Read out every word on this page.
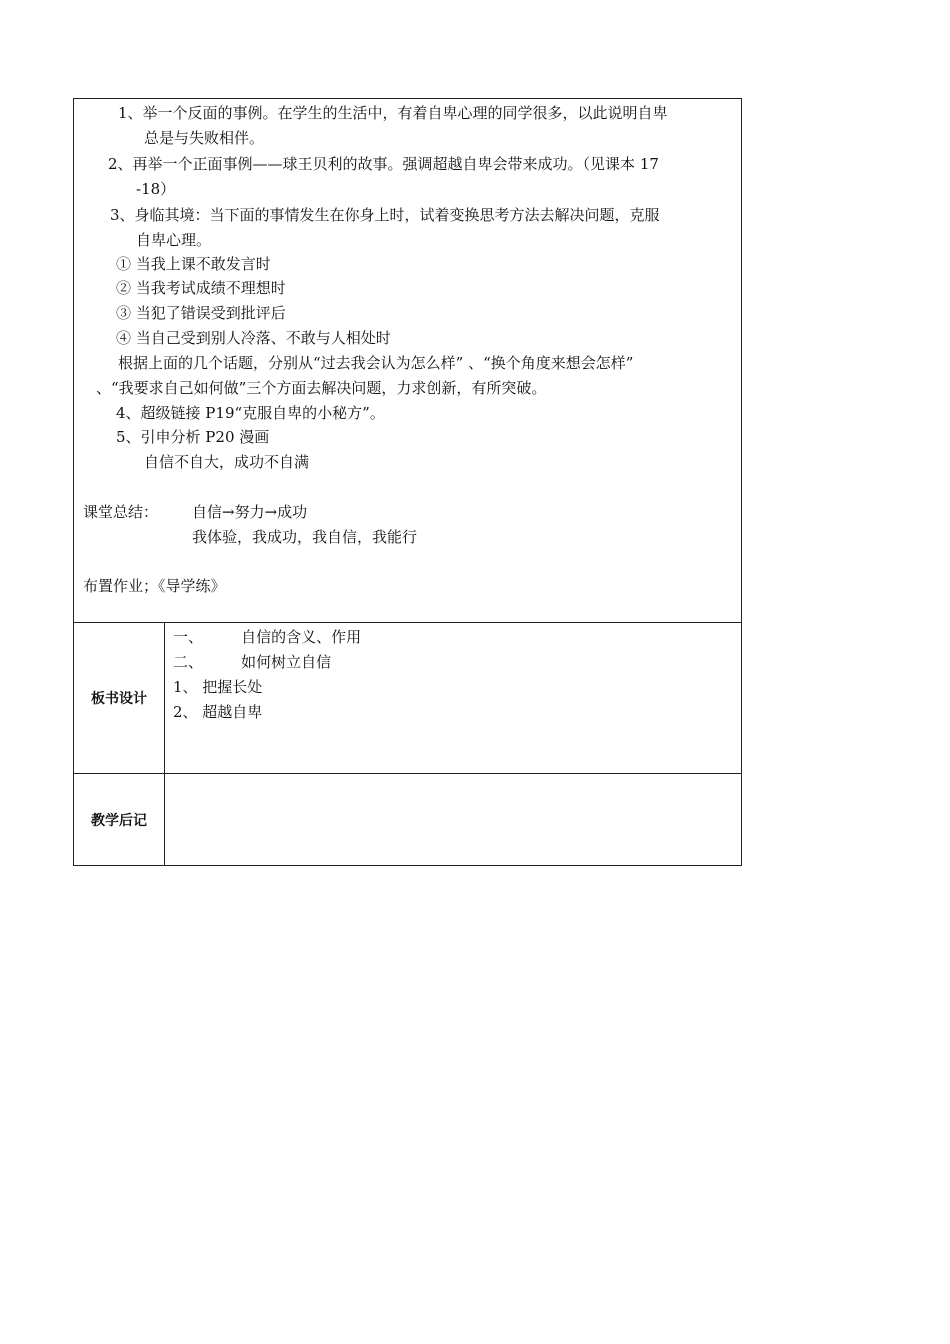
1、举一个反面的事例。在学生的生活中，有着自卑心理的同学很多，以此说明自卑
总是与失败相伴。
2、再举一个正面事例——球王贝利的故事。强调超越自卑会带来成功。（见课本 17
-18）
3、身临其境：当下面的事情发生在你身上时，试着变换思考方法去解决问题，克服
自卑心理。
① 当我上课不敢发言时
② 当我考试成绩不理想时
③ 当犯了错误受到批评后
④ 当自己受到别人冷落、不敢与人相处时
根据上面的几个话题，分别从“过去我会认为怎么样” 、“换个角度来想会怎样”
、“我要求自己如何做”三个方面去解决问题，力求创新，有所突破。
4、超级链接 P19“克服自卑的小秘方”。
5、引申分析 P20 漫画
自信不自大，成功不自满
课堂总结： 自信→努力→成功
我体验，我成功，我自信，我能行
布置作业；《导学练》
板书设计
一、        自信的含义、作用
二、        如何树立自信
1、 把握长处
2、 超越自卑
教学后记
